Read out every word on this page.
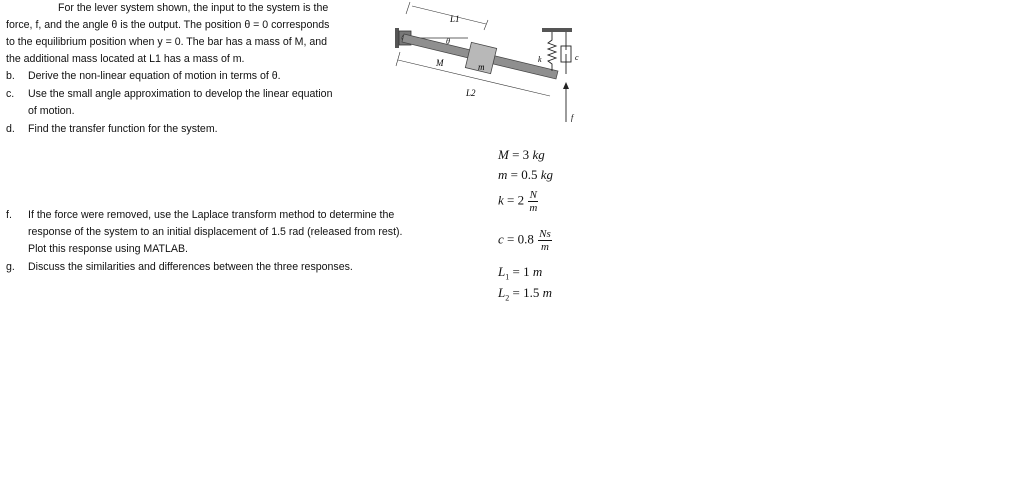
For the lever system shown, the input to the system is the
force, f, and the angle θ is the output. The position θ = 0 corresponds
to the equilibrium position when y = 0. The bar has a mass of M, and
the additional mass located at L1 has a mass of m.
b. Derive the non-linear equation of motion in terms of θ.
c. Use the small angle approximation to develop the linear equation
of motion.
d. Find the transfer function for the system.
f. If the force were removed, use the Laplace transform method to determine the
response of the system to an initial displacement of 1.5 rad (released from rest).
Plot this response using MATLAB.
g. Discuss the similarities and differences between the three responses.
m
M
θ
L1
L2
k	c
f
M = 3 kg
m = 0.5 kg
$k = 2 \frac{N}{m}$
$c = 0.8 \frac{Ns}{m}$
$L_1 = 1$ m
$L_2 = 1.5$ m
